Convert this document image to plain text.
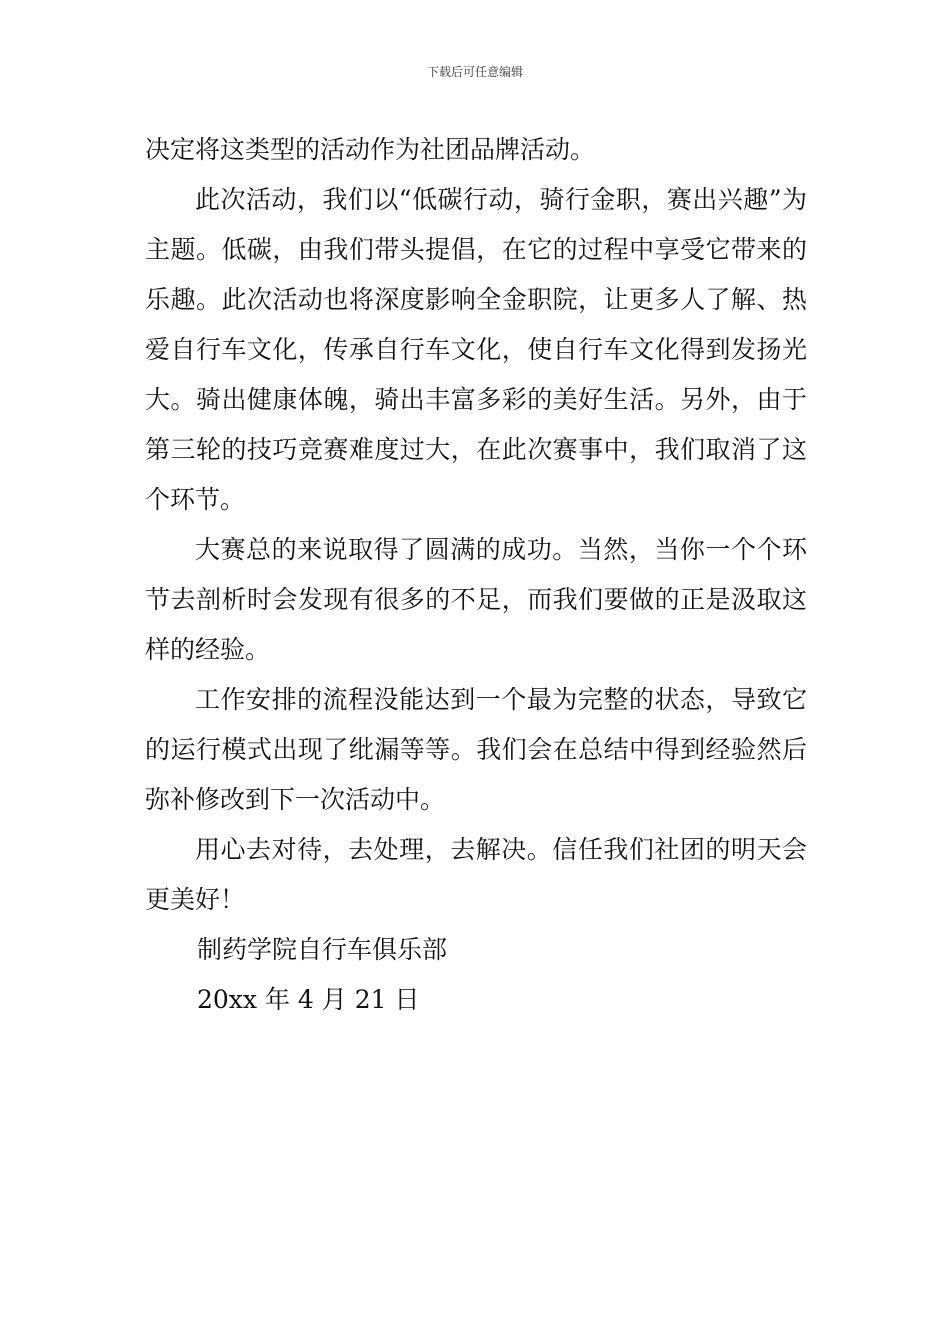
下载后可任意编辑

决定将这类型的活动作为社团品牌活动。

此次活动，我们以“低碳行动，骑行金职，赛出兴趣”为主题。低碳，由我们带头提倡，在它的过程中享受它带来的乐趣。此次活动也将深度影响全金职院，让更多人了解、热爱自行车文化，传承自行车文化，使自行车文化得到发扬光大。骑出健康体魄，骑出丰富多彩的美好生活。另外，由于第三轮的技巧竞赛难度过大，在此次赛事中，我们取消了这个环节。

大赛总的来说取得了圆满的成功。当然，当你一个个环节去剖析时会发现有很多的不足，而我们要做的正是汲取这样的经验。

工作安排的流程没能达到一个最为完整的状态，导致它的运行模式出现了纰漏等等。我们会在总结中得到经验然后弥补修改到下一次活动中。

用心去对待，去处理，去解决。信任我们社团的明天会更美好！

制药学院自行车俱乐部

20xx 年 4 月 21 日
